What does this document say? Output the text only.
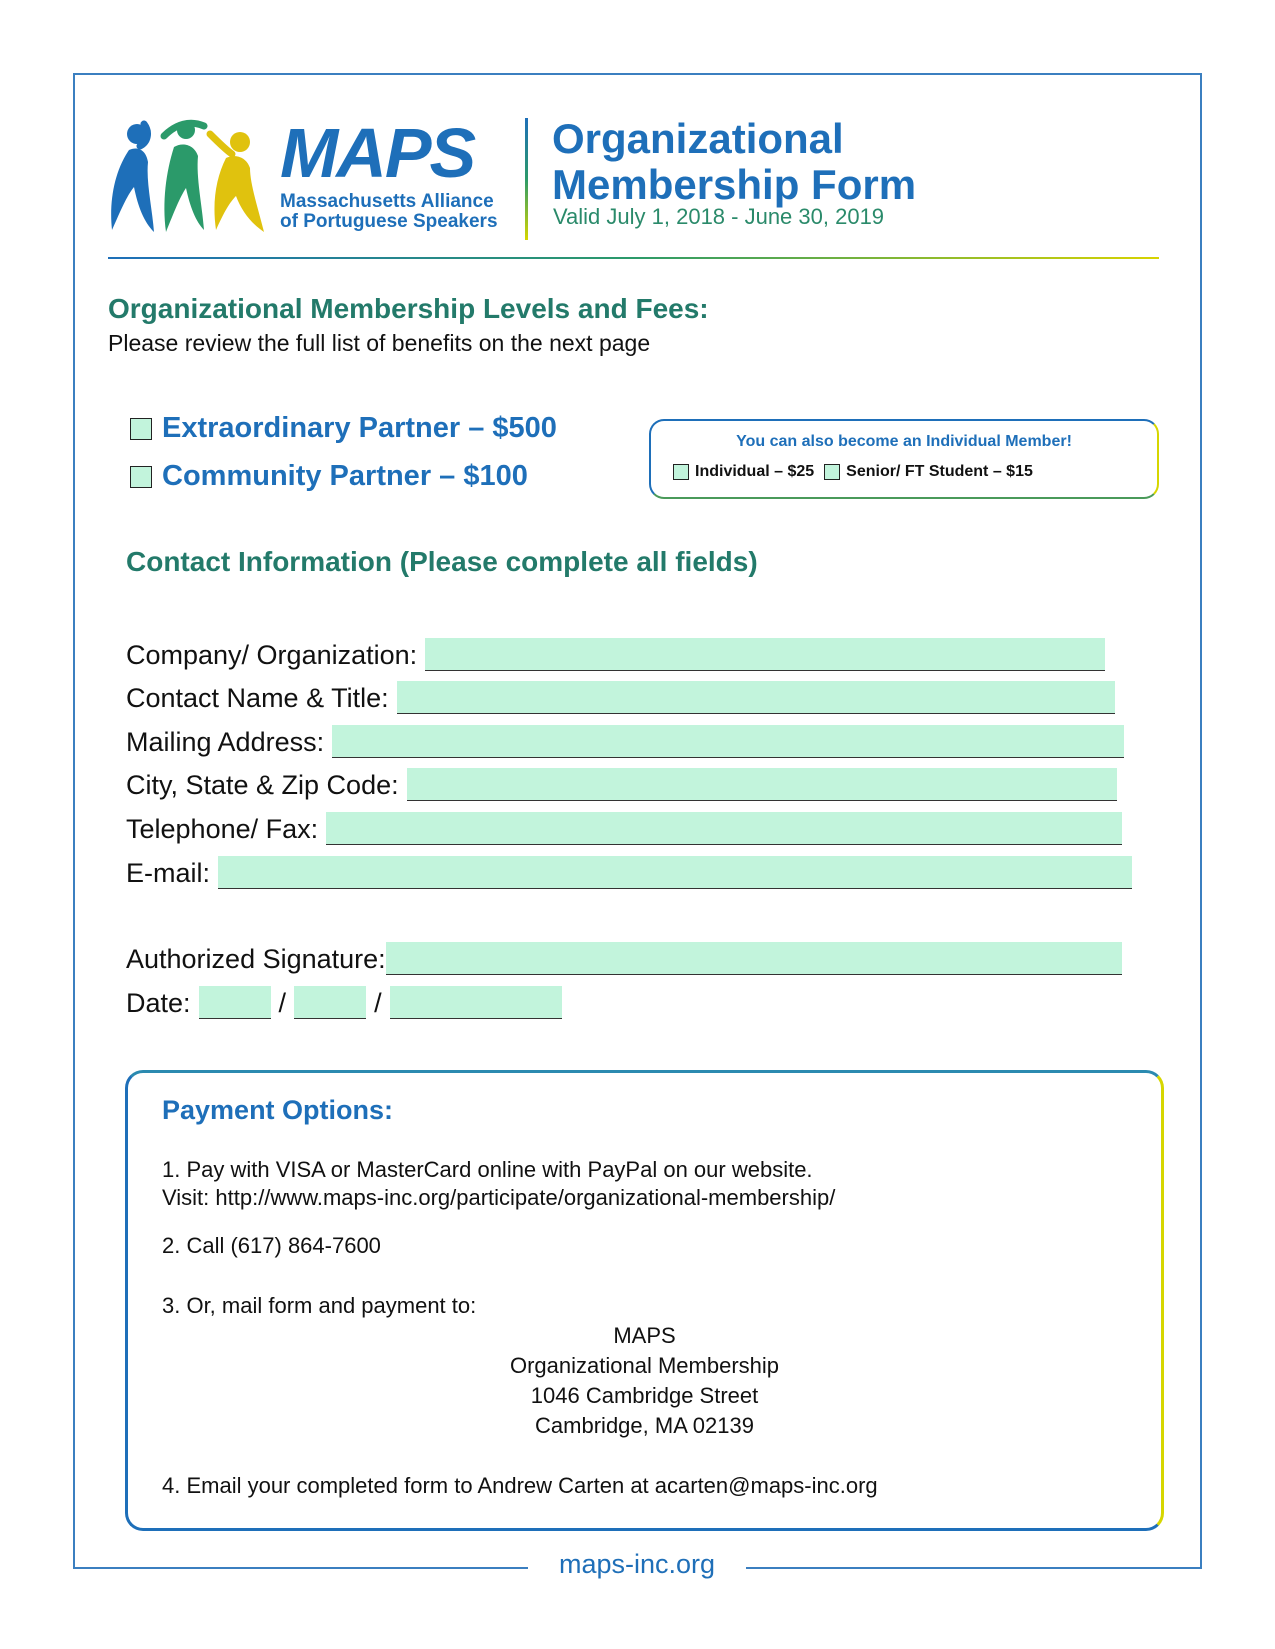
maps-inc.org
MAPS
Massachusetts Alliance
of Portuguese Speakers
Organizational
Membership Form
Valid July 1, 2018 - June 30, 2019
Organizational Membership Levels and Fees:
Please review the full list of benefits on the next page
Extraordinary Partner – $500
Community Partner – $100
You can also become an Individual Member!
Individual – $25 Senior/ FT Student – $15
Contact Information (Please complete all fields)
Company/ Organization:
Contact Name & Title:
Mailing Address:
City, State & Zip Code:
Telephone/ Fax:
E-mail:
Authorized Signature:
Date:	/	/
Payment Options:
1. Pay with VISA or MasterCard online with PayPal on our website.
Visit: http://www.maps-inc.org/participate/organizational-membership/
2. Call (617) 864-7600
3. Or, mail form and payment to:
MAPS
Organizational Membership
1046 Cambridge Street
Cambridge, MA 02139
4. Email your completed form to Andrew Carten at acarten@maps-inc.org
